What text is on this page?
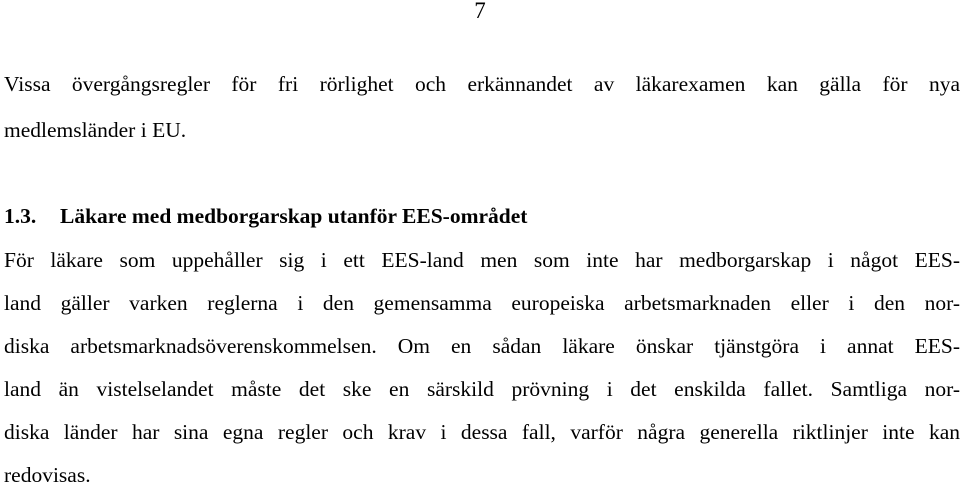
7
Vissa övergångsregler för fri rörlighet och erkännandet av läkarexamen kan gälla för nya
medlemsländer i EU.
1.3. Läkare med medborgarskap utanför EES-området
För läkare som uppehåller sig i ett EES-land men som inte har medborgarskap i något EES-
land gäller varken reglerna i den gemensamma europeiska arbetsmarknaden eller i den nor-
diska arbetsmarknadsöverenskommelsen. Om en sådan läkare önskar tjänstgöra i annat EES-
land än vistelselandet måste det ske en särskild prövning i det enskilda fallet. Samtliga nor-
diska länder har sina egna regler och krav i dessa fall, varför några generella riktlinjer inte kan
redovisas.
